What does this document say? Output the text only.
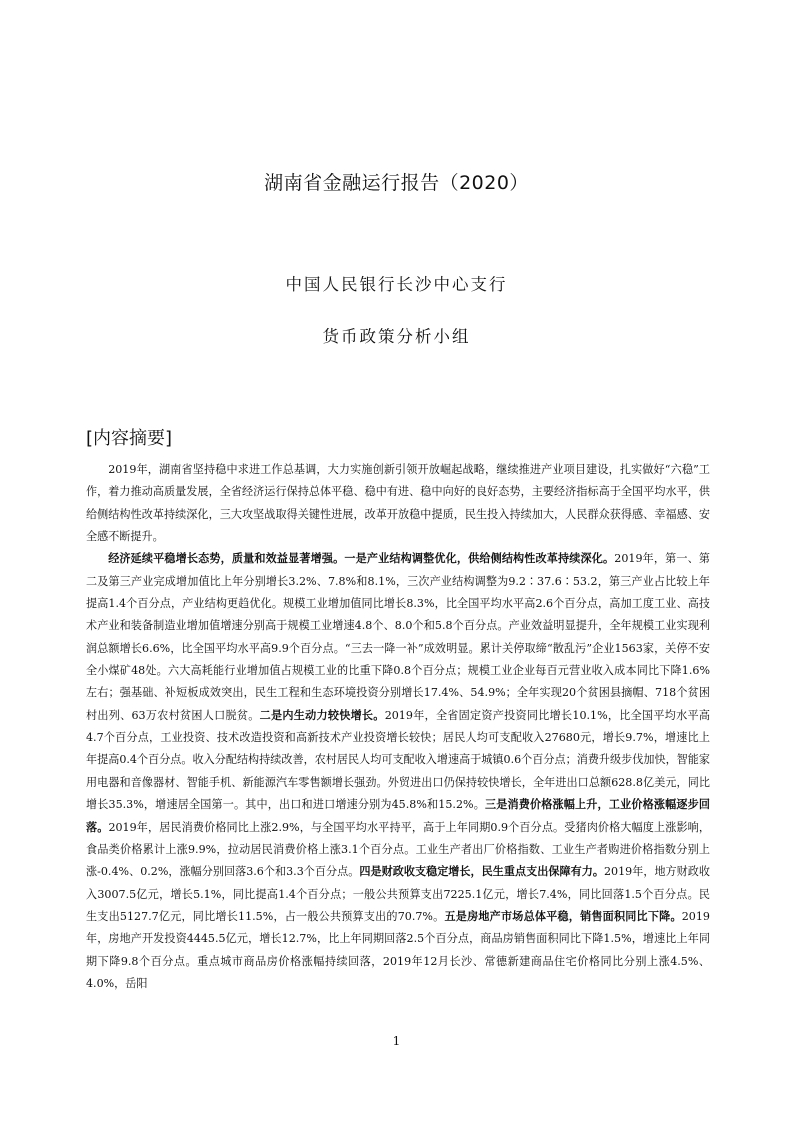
湖南省金融运行报告（2020）
中国人民银行长沙中心支行
货币政策分析小组
[内容摘要]

2019年，湖南省坚持稳中求进工作总基调，大力实施创新引领开放崛起战略，继续推进产业项目建设，扎实做好“六稳”工作，着力推动高质量发展，全省经济运行保持总体平稳、稳中有进、稳中向好的良好态势，主要经济指标高于全国平均水平，供给侧结构性改革持续深化，三大攻坚战取得关键性进展，改革开放稳中提质，民生投入持续加大，人民群众获得感、幸福感、安全感不断提升。

经济延续平稳增长态势，质量和效益显著增强。一是产业结构调整优化，供给侧结构性改革持续深化。2019年，第一、第二及第三产业完成增加值比上年分别增长3.2%、7.8%和8.1%，三次产业结构调整为9.2∶37.6∶53.2，第三产业占比较上年提高1.4个百分点，产业结构更趋优化。规模工业增加值同比增长8.3%，比全国平均水平高2.6个百分点，高加工度工业、高技术产业和装备制造业增加值增速分别高于规模工业增速4.8个、8.0个和5.8个百分点。产业效益明显提升，全年规模工业实现利润总额增长6.6%，比全国平均水平高9.9个百分点。“三去一降一补”成效明显。累计关停取缔“散乱污”企业1563家，关停不安全小煤矿48处。六大高耗能行业增加值占规模工业的比重下降0.8个百分点；规模工业企业每百元营业收入成本同比下降1.6%左右；强基础、补短板成效突出，民生工程和生态环境投资分别增长17.4%、54.9%；全年实现20个贫困县摘帽、718个贫困村出列、63万农村贫困人口脱贫。二是内生动力较快增长。2019年，全省固定资产投资同比增长10.1%，比全国平均水平高4.7个百分点，工业投资、技术改造投资和高新技术产业投资增长较快；居民人均可支配收入27680元，增长9.7%，增速比上年提高0.4个百分点。收入分配结构持续改善，农村居民人均可支配收入增速高于城镇0.6个百分点；消费升级步伐加快，智能家用电器和音像器材、智能手机、新能源汽车零售额增长强劲。外贸进出口仍保持较快增长，全年进出口总额628.8亿美元，同比增长35.3%，增速居全国第一。其中，出口和进口增速分别为45.8%和15.2%。三是消费价格涨幅上升，工业价格涨幅逐步回落。2019年，居民消费价格同比上涨2.9%，与全国平均水平持平，高于上年同期0.9个百分点。受猪肉价格大幅度上涨影响，食品类价格累计上涨9.9%，拉动居民消费价格上涨3.1个百分点。工业生产者出厂价格指数、工业生产者购进价格指数分别上涨-0.4%、0.2%，涨幅分别回落3.6个和3.3个百分点。四是财政收支稳定增长，民生重点支出保障有力。2019年，地方财政收入3007.5亿元，增长5.1%，同比提高1.4个百分点；一般公共预算支出7225.1亿元，增长7.4%，同比回落1.5个百分点。民生支出5127.7亿元，同比增长11.5%，占一般公共预算支出的70.7%。五是房地产市场总体平稳，销售面积同比下降。2019年，房地产开发投资4445.5亿元，增长12.7%，比上年同期回落2.5个百分点，商品房销售面积同比下降1.5%，增速比上年同期下降9.8个百分点。重点城市商品房价格涨幅持续回落，2019年12月长沙、常德新建商品住宅价格同比分别上涨4.5%、4.0%，岳阳

1
